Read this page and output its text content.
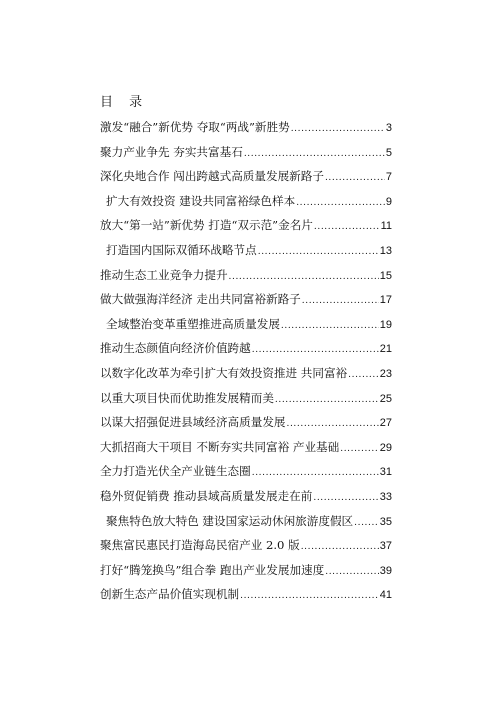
目 录
激发“融合”新优势 夺取“两战”新胜势 .....	3
聚力产业争先 夯实共富基石 .....	5
深化央地合作 闯出跨越式高质量发展新路子 .....	7
扩大有效投资 建设共同富裕绿色样本 .....	9
放大“第一站”新优势 打造“双示范”金名片 .....	11
打造国内国际双循环战略节点 .....	13
推动生态工业竞争力提升 .....	15
做大做强海洋经济 走出共同富裕新路子 .....	17
全域整治变革重塑推进高质量发展 .....	19
推动生态颜值向经济价值跨越 .....	21
以数字化改革为牵引扩大有效投资推进 共同富裕 .....	23
以重大项目快而优助推发展精而美 .....	25
以谋大招强促进县域经济高质量发展 .....	27
大抓招商大干项目 不断夯实共同富裕 产业基础 .....	29
全力打造光伏全产业链生态圈 .....	31
稳外贸促销费 推动县域高质量发展走在前 .....	33
聚焦特色放大特色 建设国家运动休闲旅游度假区 ..... 35
聚焦富民惠民打造海岛民宿产业 2.0 版 .....	37
打好“腾笼换鸟”组合拳 跑出产业发展加速度 .....	39
创新生态产品价值实现机制 .....	41
